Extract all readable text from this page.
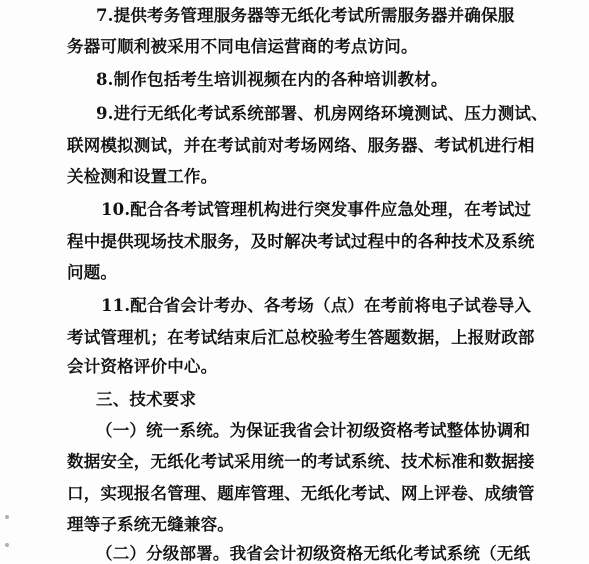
7.提供考务管理服务器等无纸化考试所需服务器并确保服
务器可顺利被采用不同电信运营商的考点访问。
8.制作包括考生培训视频在内的各种培训教材。
9.进行无纸化考试系统部署、机房网络环境测试、压力测试、
联网模拟测试，并在考试前对考场网络、服务器、考试机进行相
关检测和设置工作。
10.配合各考试管理机构进行突发事件应急处理，在考试过
程中提供现场技术服务，及时解决考试过程中的各种技术及系统
问题。
11.配合省会计考办、各考场（点）在考前将电子试卷导入
考试管理机；在考试结束后汇总校验考生答题数据，上报财政部
会计资格评价中心。
三、技术要求
（一）统一系统。为保证我省会计初级资格考试整体协调和
数据安全，无纸化考试采用统一的考试系统、技术标准和数据接
口，实现报名管理、题库管理、无纸化考试、网上评卷、成绩管
理等子系统无缝兼容。
（二）分级部署。我省会计初级资格无纸化考试系统（无纸
